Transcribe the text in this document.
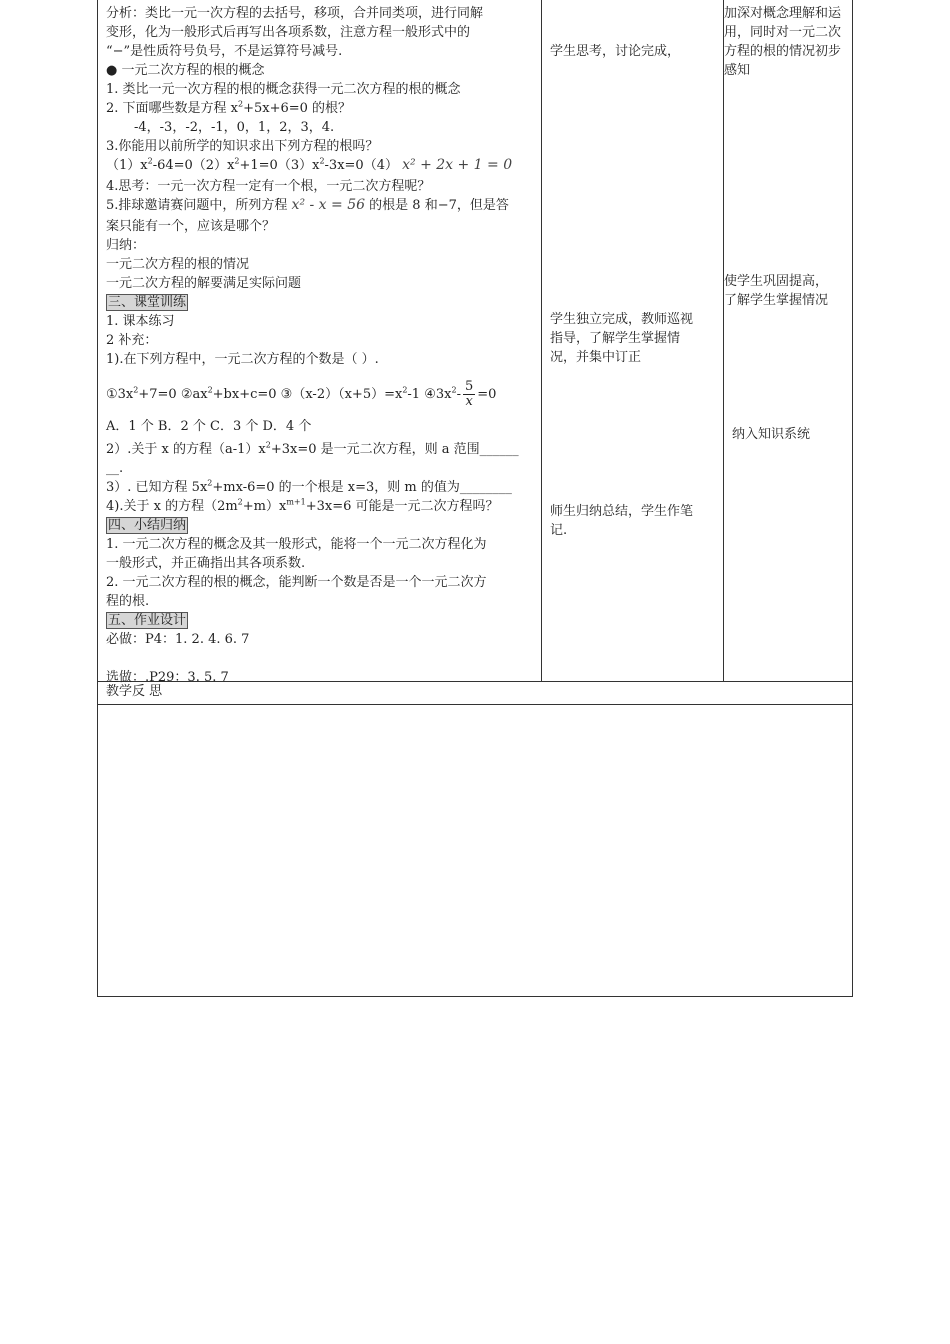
分析：类比一元一次方程的去括号，移项，合并同类项，进行同解
变形，化为一般形式后再写出各项系数，注意方程一般形式中的
“−”是性质符号负号，不是运算符号减号.
● 一元二次方程的根的概念
1. 类比一元一次方程的根的概念获得一元二次方程的根的概念
2. 下面哪些数是方程 $x^2+5x+6=0$ 的根？
-4，-3，-2，-1，0，1，2，3，4.
3.你能用以前所学的知识求出下列方程的根吗？
$(1)x^2-64=0(2)x^2+1=0(3)x^2-3x=0(4) x^2 + 2x + 1 = 0$
4.思考：一元一次方程一定有一个根，一元二次方程呢？
5.排球邀请赛问题中，所列方程 x² - x = 56 的根是 8 和−7，但是答
案只能有一个，应该是哪个？
归纳：
一元二次方程的根的情况
一元二次方程的解要满足实际问题
三、课堂训练
1. 课本练习
2 补充：
1).在下列方程中，一元二次方程的个数是（ ）.
$①3x^2+7=0$ $②ax^2+bx+c=0$ $③(x-2)(x+5)=x^2-1$ $④3x^2- \frac{5}{x} =0$
A．1 个 B．2 个 C．3 个 D．4 个
2）.关于 x 的方程$(a-1)x^2+3x=0$ 是一元二次方程，则 a 范围______
__.
3）. 已知方程 $5x^2+mx-6=0$ 的一个根是 x=3，则 m 的值为________
4).关于 x 的方程$(2m^2+m)x^{m+1}+3x=6$ 可能是一元二次方程吗？
四、小结归纳
1. 一元二次方程的概念及其一般形式，能将一个一元二次方程化为
一般形式，并正确指出其各项系数.
2. 一元二次方程的根的概念，能判断一个数是否是一个一元二次方
程的根.
五、作业设计
必做：P4：1. 2. 4. 6. 7
选做：.P29：3. 5. 7
学生思考，讨论完成，
学生独立完成，教师巡视
指导，了解学生掌握情
况，并集中订正
师生归纳总结，学生作笔
记.
加深对概念理解和运
用，同时对一元二次
方程的根的情况初步
感知
使学生巩固提高，
了解学生掌握情况
纳入知识系统
教学反 思
